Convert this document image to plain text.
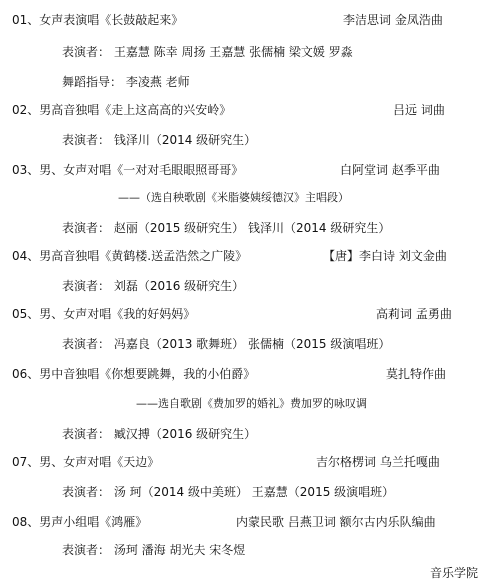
01、女声表演唱《长鼓敲起来》	李洁思词 金凤浩曲
表演者： 王嘉慧 陈幸 周扬 王嘉慧 张儒楠 梁文媛 罗淼
舞蹈指导： 李凌燕 老师
02、男高音独唱《走上这高高的兴安岭》	吕远 词曲
表演者： 钱泽川（2014 级研究生）
03、男、女声对唱《一对对毛眼眼照哥哥》	白阿堂词 赵季平曲
——（选自秧歌剧《米脂婆姨绥德汉》主唱段）
表演者： 赵丽（2015 级研究生） 钱泽川（2014 级研究生）
04、男高音独唱《黄鹤楼.送孟浩然之广陵》	【唐】李白诗 刘文金曲
表演者： 刘磊（2016 级研究生）
05、男、女声对唱《我的好妈妈》	高莉词 孟勇曲
表演者： 冯嘉良（2013 歌舞班） 张儒楠（2015 级演唱班）
06、男中音独唱《你想要跳舞，我的小伯爵》	莫扎特作曲
——选自歌剧《费加罗的婚礼》费加罗的咏叹调
表演者： 臧汉搏（2016 级研究生）
07、男、女声对唱《天边》	吉尔格楞词 乌兰托嘎曲
表演者： 汤 珂（2014 级中美班） 王嘉慧（2015 级演唱班）
08、男声小组唱《鸿雁》	内蒙民歌 吕燕卫词 额尔古内乐队编曲
表演者： 汤珂 潘海 胡光夫 宋冬煜
音乐学院
